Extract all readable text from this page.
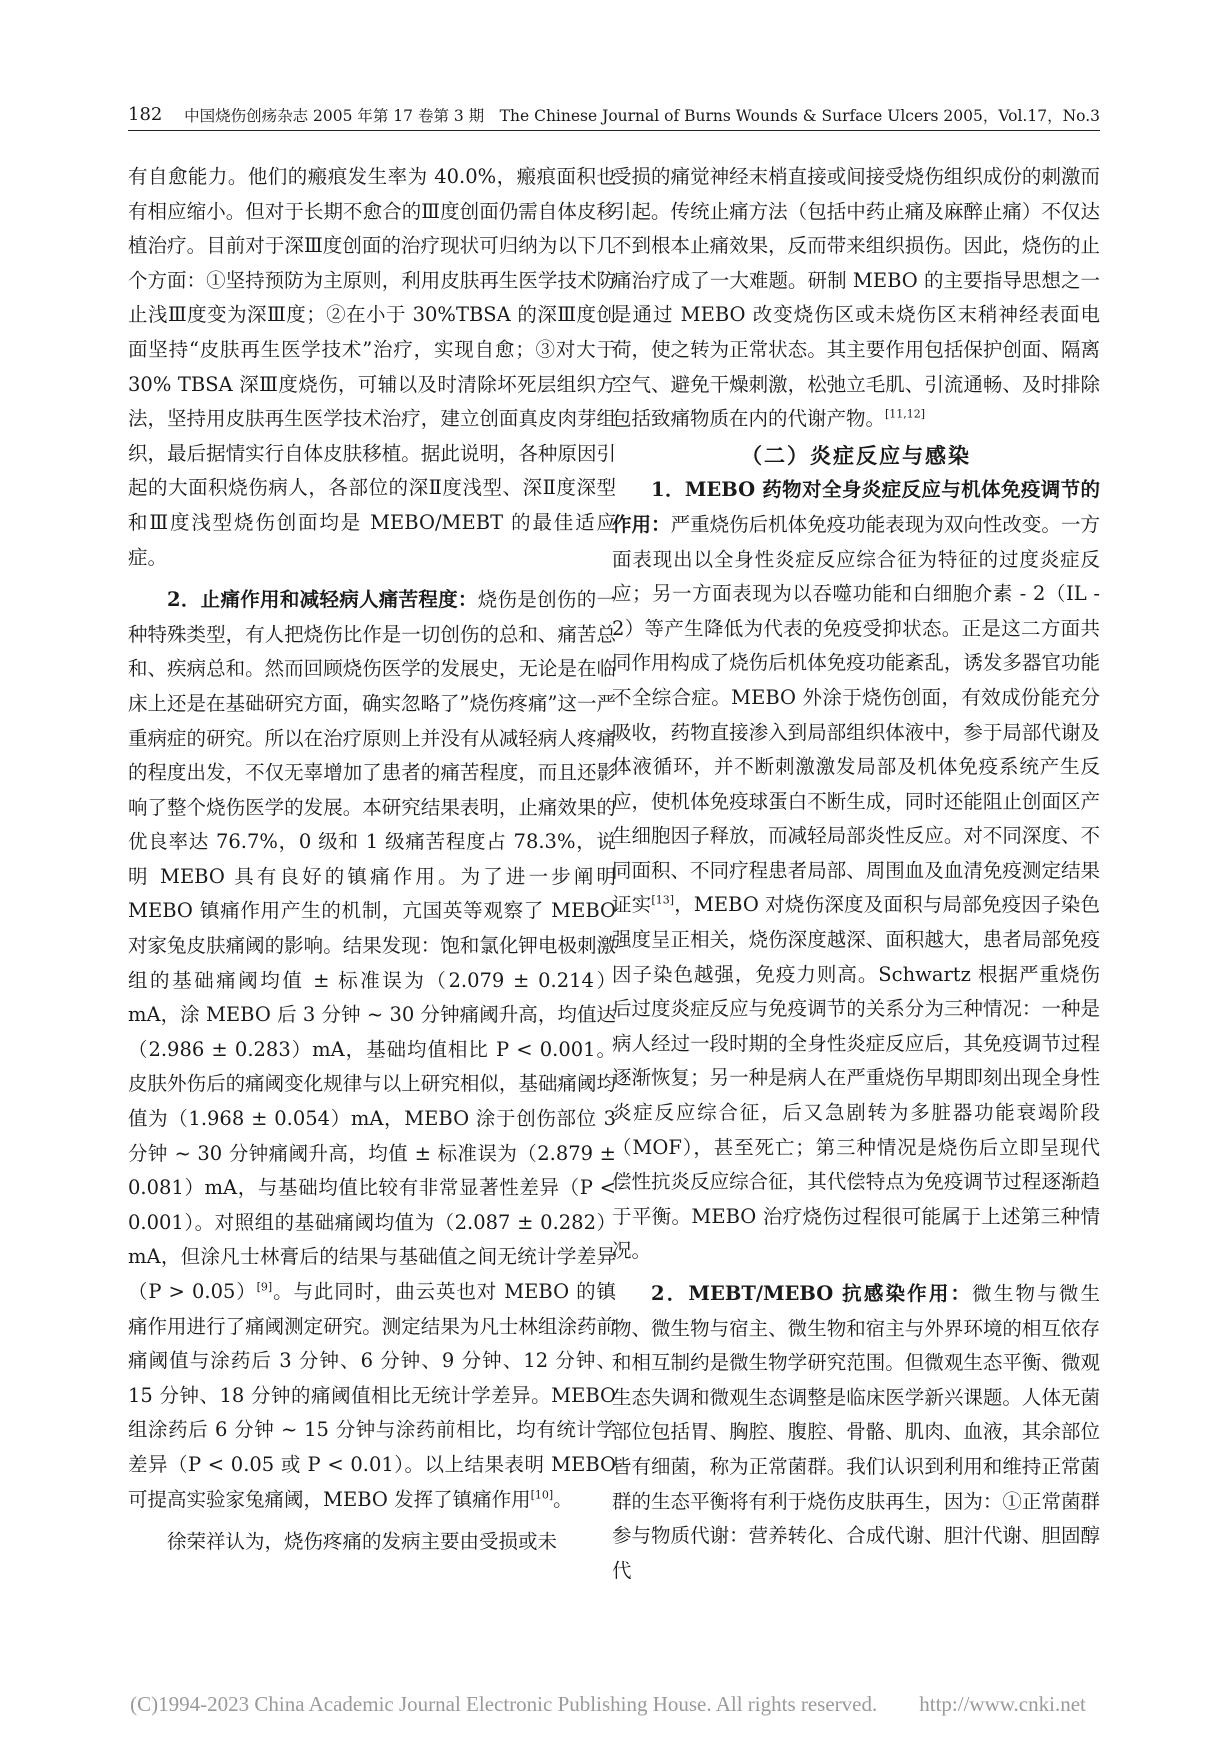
182 中国烧伤创疡杂志 2005 年第 17 卷第 3 期　The Chinese Journal of Burns Wounds & Surface Ulcers 2005，Vol.17，No.3

有自愈能力。他们的瘢痕发生率为 40.0%，瘢痕面积也有相应缩小。但对于长期不愈合的Ⅲ度创面仍需自体皮移植治疗。目前对于深Ⅲ度创面的治疗现状可归纳为以下几个方面：①坚持预防为主原则，利用皮肤再生医学技术防止浅Ⅲ度变为深Ⅲ度；②在小于 30%TBSA 的深Ⅲ度创面坚持“皮肤再生医学技术”治疗，实现自愈；③对大于 30% TBSA 深Ⅲ度烧伤，可辅以及时清除坏死层组织方法，坚持用皮肤再生医学技术治疗，建立创面真皮肉芽组织，最后据情实行自体皮肤移植。据此说明，各种原因引起的大面积烧伤病人，各部位的深Ⅱ度浅型、深Ⅱ度深型和Ⅲ度浅型烧伤创面均是 MEBO/MEBT 的最佳适应症。

2．止痛作用和减轻病人痛苦程度：烧伤是创伤的一种特殊类型，有人把烧伤比作是一切创伤的总和、痛苦总和、疾病总和。然而回顾烧伤医学的发展史，无论是在临床上还是在基础研究方面，确实忽略了”烧伤疼痛”这一严重病症的研究。所以在治疗原则上并没有从减轻病人疼痛的程度出发，不仅无辜增加了患者的痛苦程度，而且还影响了整个烧伤医学的发展。本研究结果表明，止痛效果的优良率达 76.7%，0 级和 1 级痛苦程度占 78.3%，说明 MEBO 具有良好的镇痛作用。为了进一步阐明 MEBO 镇痛作用产生的机制，亢国英等观察了 MEBO 对家兔皮肤痛阈的影响。结果发现：饱和氯化钾电极刺激组的基础痛阈均值 ± 标准误为（2.079 ± 0.214）mA，涂 MEBO 后 3 分钟 ~ 30 分钟痛阈升高，均值达（2.986 ± 0.283）mA，基础均值相比 P < 0.001。皮肤外伤后的痛阈变化规律与以上研究相似，基础痛阈均值为（1.968 ± 0.054）mA，MEBO 涂于创伤部位 3 分钟 ~ 30 分钟痛阈升高，均值 ± 标准误为（2.879 ± 0.081）mA，与基础均值比较有非常显著性差异（P < 0.001）。对照组的基础痛阈均值为（2.087 ± 0.282）mA，但涂凡士林膏后的结果与基础值之间无统计学差异（P > 0.05）[9]。与此同时，曲云英也对 MEBO 的镇痛作用进行了痛阈测定研究。测定结果为凡士林组涂药前痛阈值与涂药后 3 分钟、6 分钟、9 分钟、12 分钟、15 分钟、18 分钟的痛阈值相比无统计学差异。MEBO 组涂药后 6 分钟 ~ 15 分钟与涂药前相比，均有统计学差异（P < 0.05 或 P < 0.01）。以上结果表明 MEBO 可提高实验家兔痛阈，MEBO 发挥了镇痛作用[10]。

徐荣祥认为，烧伤疼痛的发病主要由受损或未

受损的痛觉神经末梢直接或间接受烧伤组织成份的刺激而引起。传统止痛方法（包括中药止痛及麻醉止痛）不仅达不到根本止痛效果，反而带来组织损伤。因此，烧伤的止痛治疗成了一大难题。研制 MEBO 的主要指导思想之一是通过 MEBO 改变烧伤区或未烧伤区末稍神经表面电荷，使之转为正常状态。其主要作用包括保护创面、隔离空气、避免干燥刺激，松弛立毛肌、引流通畅、及时排除包括致痛物质在内的代谢产物。[11,12]

（二）炎症反应与感染

1．MEBO 药物对全身炎症反应与机体免疫调节的作用：严重烧伤后机体免疫功能表现为双向性改变。一方面表现出以全身性炎症反应综合征为特征的过度炎症反应；另一方面表现为以吞噬功能和白细胞介素 - 2（IL - 2）等产生降低为代表的免疫受抑状态。正是这二方面共同作用构成了烧伤后机体免疫功能紊乱，诱发多器官功能不全综合症。MEBO 外涂于烧伤创面，有效成份能充分吸收，药物直接渗入到局部组织体液中，参于局部代谢及体液循环，并不断刺激激发局部及机体免疫系统产生反应，使机体免疫球蛋白不断生成，同时还能阻止创面区产生细胞因子释放，而减轻局部炎性反应。对不同深度、不同面积、不同疗程患者局部、周围血及血清免疫测定结果证实[13]，MEBO 对烧伤深度及面积与局部免疫因子染色强度呈正相关，烧伤深度越深、面积越大，患者局部免疫因子染色越强，免疫力则高。Schwartz 根据严重烧伤后过度炎症反应与免疫调节的关系分为三种情况：一种是病人经过一段时期的全身性炎症反应后，其免疫调节过程逐渐恢复；另一种是病人在严重烧伤早期即刻出现全身性炎症反应综合征，后又急剧转为多脏器功能衰竭阶段（MOF），甚至死亡；第三种情况是烧伤后立即呈现代偿性抗炎反应综合征，其代偿特点为免疫调节过程逐渐趋于平衡。MEBO 治疗烧伤过程很可能属于上述第三种情况。

2．MEBT/MEBO 抗感染作用：微生物与微生物、微生物与宿主、微生物和宿主与外界环境的相互依存和相互制约是微生物学研究范围。但微观生态平衡、微观生态失调和微观生态调整是临床医学新兴课题。人体无菌部位包括胃、胸腔、腹腔、骨骼、肌肉、血液，其余部位皆有细菌，称为正常菌群。我们认识到利用和维持正常菌群的生态平衡将有利于烧伤皮肤再生，因为：①正常菌群参与物质代谢：营养转化、合成代谢、胆汁代谢、胆固醇代

(C)1994-2023 China Academic Journal Electronic Publishing House. All rights reserved.　　http://www.cnki.net
